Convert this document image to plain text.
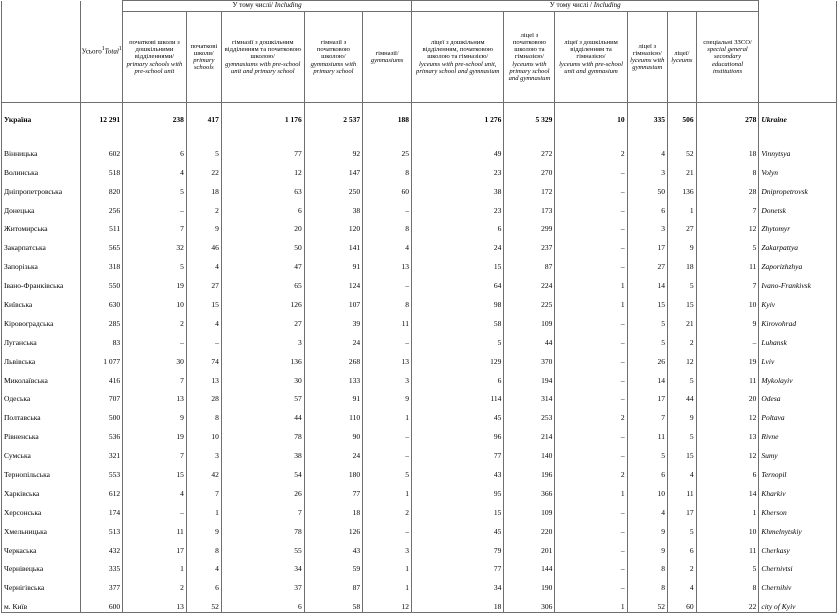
	Усього$^1$Total$^1$	У тому числі/ Including					У тому числі / Including						
		початкові школи з дошкільними відділеннями/
primary schools with pre-school unit	початкові школи/
primary schools	гімназії з дошкільним відділенням та початковою школою/
gymnasiums with pre-school unit and primary school	гімназії з початковою школою/
gymnasiums with primary school	гімназії/
gymnasiums	ліцеї з дошкільним відділенням, початковою школою та гімназією/
lyceums with pre-school unit, primary school and gymnasium	ліцеї з початковою школою та гімназією/
lyceums with primary school and gymnasium	ліцеї з дошкільним відділенням та гімназією/
lyceums with pre-school unit and gymnasium	ліцеї з гімназією/
lyceums with gymnasium	ліцеї/
lyceums	спеціальні ЗЗСО/
special general secondary educational institutions	

Україна	12 291	238	417	1 176	2 537	188	1 276	5 329	10	335	506	278	Ukraine

Вінницька	602	6	5	77	92	25	49	272	2	4	52	18	Vinnytsya
Волинська	518	4	22	12	147	8	23	270	–	3	21	8	Volyn
Дніпропетровська	820	5	18	63	250	60	38	172	–	50	136	28	Dnipropetrovsk
Донецька	256	–	2	6	38	–	23	173	–	6	1	7	Donetsk
Житомирська	511	7	9	20	120	8	6	299	–	3	27	12	Zhytomyr
Закарпатська	565	32	46	50	141	4	24	237	–	17	9	5	Zakarpattya
Запорізька	318	5	4	47	91	13	15	87	–	27	18	11	Zaporizhzhya
Івано-Франківська	550	19	27	65	124	–	64	224	1	14	5	7	Ivano-Frankivsk
Київська	630	10	15	126	107	8	98	225	1	15	15	10	Kyiv
Кіровоградська	285	2	4	27	39	11	58	109	–	5	21	9	Kirovohrad
Луганська	83	–	–	3	24	–	5	44	–	5	2	–	Luhansk
Львівська	1 077	30	74	136	268	13	129	370	–	26	12	19	Lviv
Миколаївська	416	7	13	30	133	3	6	194	–	14	5	11	Mykolayiv
Одеська	707	13	28	57	91	9	114	314	–	17	44	20	Odesa
Полтавська	500	9	8	44	110	1	45	253	2	7	9	12	Poltava
Рівненська	536	19	10	78	90	–	96	214	–	11	5	13	Rivne
Сумська	321	7	3	38	24	–	77	140	–	5	15	12	Sumy
Тернопільська	553	15	42	54	180	5	43	196	2	6	4	6	Ternopil
Харківська	612	4	7	26	77	1	95	366	1	10	11	14	Kharkiv
Херсонська	174	–	1	7	18	2	15	109	–	4	17	1	Kherson
Хмельницька	513	11	9	78	126	–	45	220	–	9	5	10	Khmelnytskiy
Черкаська	432	17	8	55	43	3	79	201	–	9	6	11	Cherkasy
Чернівецька	335	1	4	34	59	1	77	144	–	8	2	5	Chernivtsi
Чернігівська	377	2	6	37	87	1	34	190	–	8	4	8	Chernihiv
м. Київ	600	13	52	6	58	12	18	306	1	52	60	22	city of Kyiv
